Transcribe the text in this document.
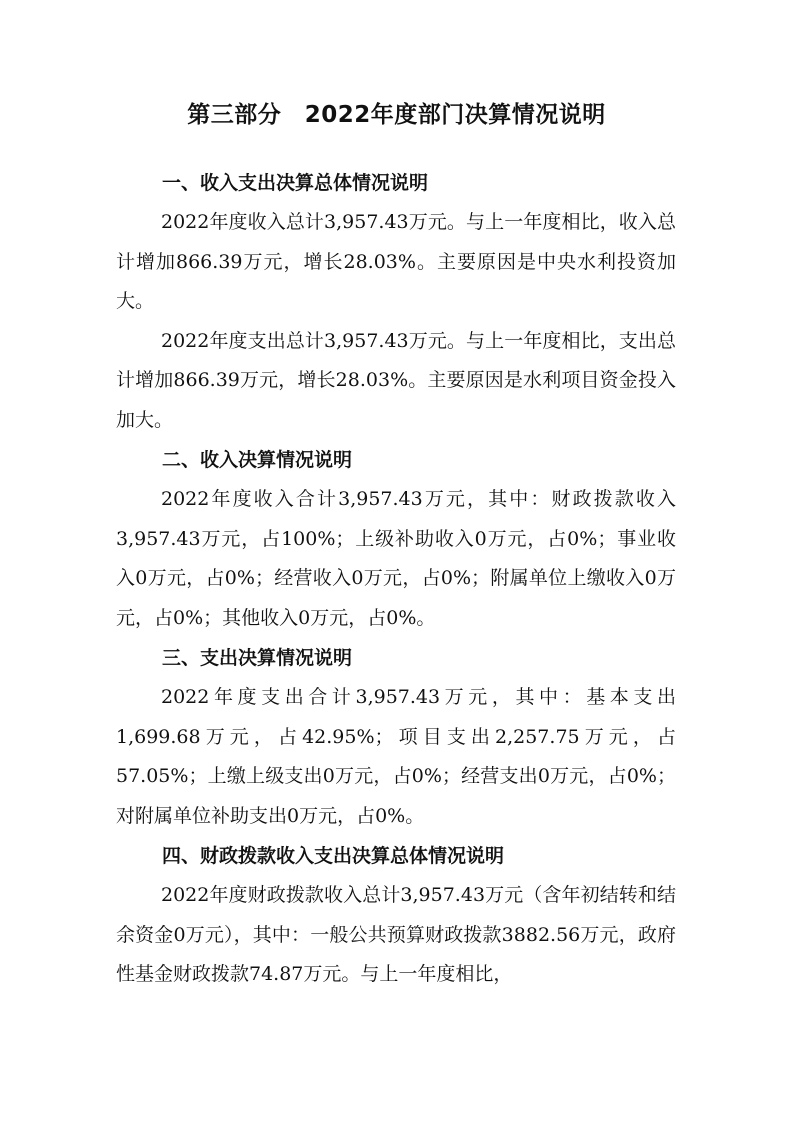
第三部分　2022年度部门决算情况说明
一、收入支出决算总体情况说明

2022年度收入总计3,957.43万元。与上一年度相比，收入总计增加866.39万元，增长28.03%。主要原因是中央水利投资加大。

2022年度支出总计3,957.43万元。与上一年度相比，支出总计增加866.39万元，增长28.03%。主要原因是水利项目资金投入加大。

二、收入决算情况说明

2022年度收入合计3,957.43万元，其中：财政拨款收入3,957.43万元，占100%；上级补助收入0万元，占0%；事业收入0万元，占0%；经营收入0万元，占0%；附属单位上缴收入0万元，占0%；其他收入0万元，占0%。

三、支出决算情况说明

2022年度支出合计3,957.43万元，其中：基本支出1,699.68万元，占42.95%；项目支出2,257.75万元，占57.05%；上缴上级支出0万元，占0%；经营支出0万元，占0%；对附属单位补助支出0万元，占0%。

四、财政拨款收入支出决算总体情况说明

2022年度财政拨款收入总计3,957.43万元（含年初结转和结余资金0万元），其中：一般公共预算财政拨款3882.56万元，政府性基金财政拨款74.87万元。与上一年度相比，
